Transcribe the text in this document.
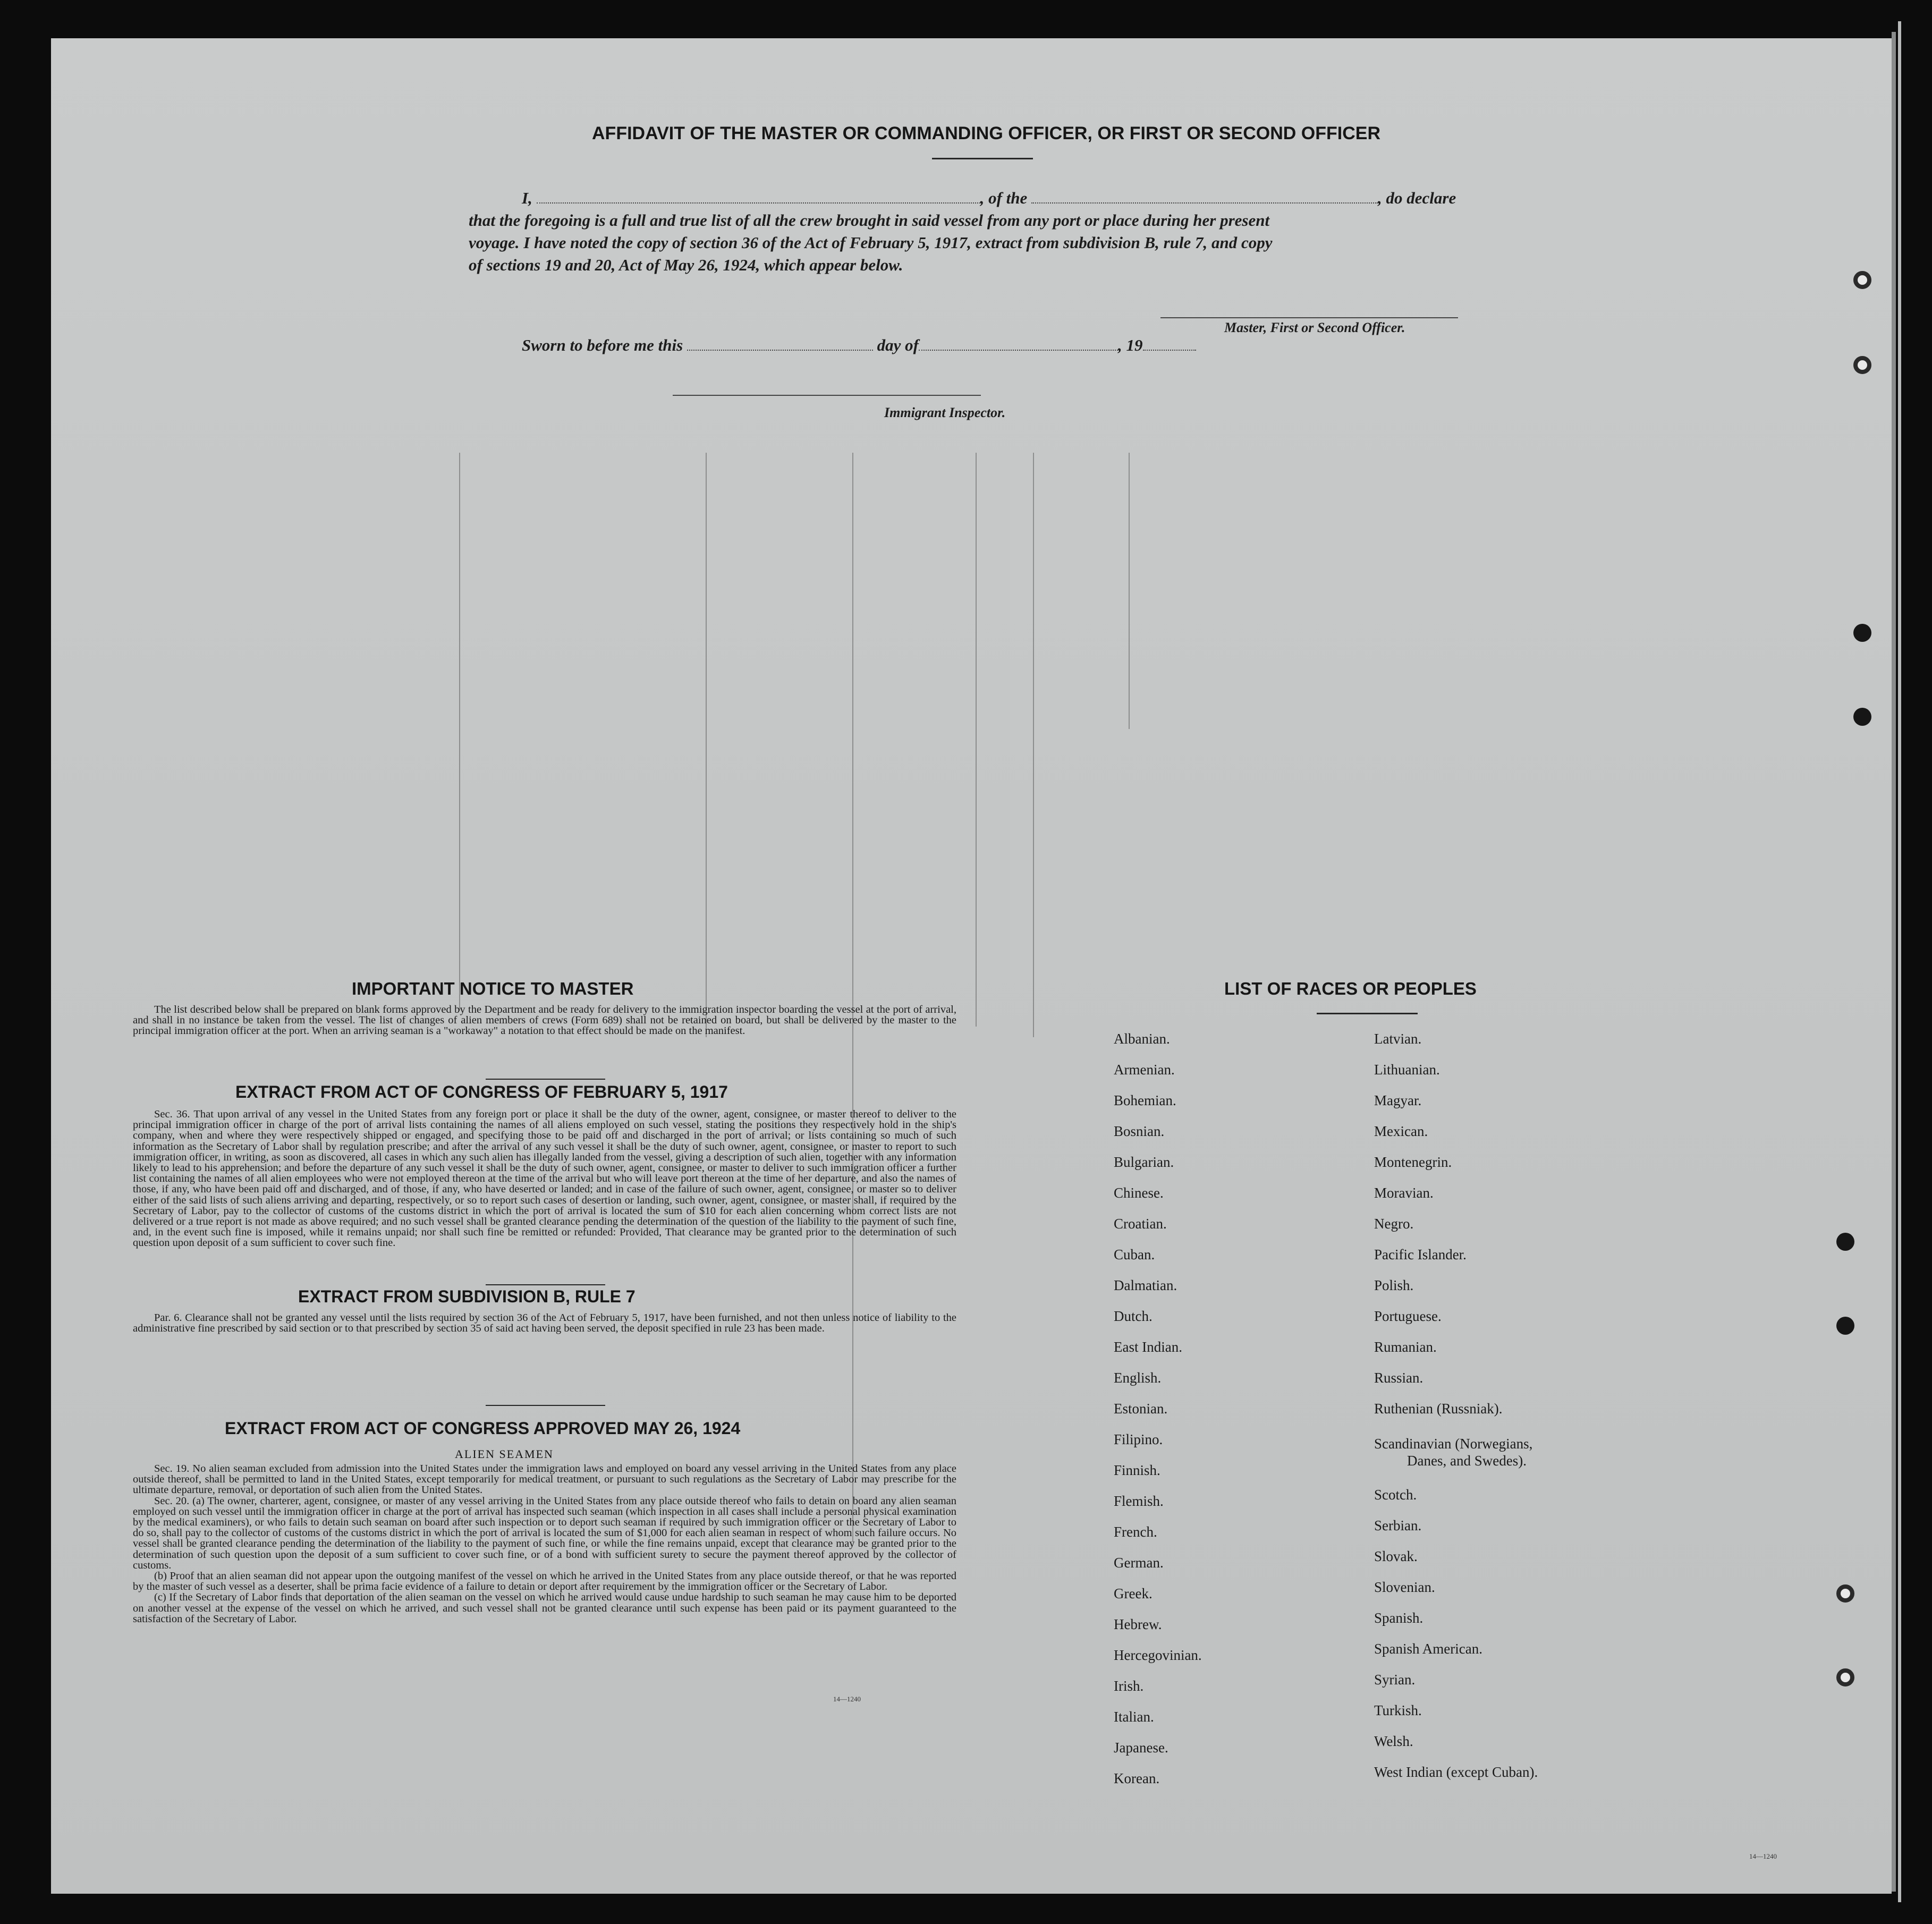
AFFIDAVIT OF THE MASTER OR COMMANDING OFFICER, OR FIRST OR SECOND OFFICER
I,	, of the	, do declare
that the foregoing is a full and true list of all the crew brought in said vessel from any port or place during her present
voyage. I have noted the copy of section 36 of the Act of February 5, 1917, extract from subdivision B, rule 7, and copy
of sections 19 and 20, Act of May 26, 1924, which appear below.
Master, First or Second Officer.
Sworn to before me this	day of	, 19
Immigrant Inspector.
IMPORTANT NOTICE TO MASTER

The list described below shall be prepared on blank forms approved by the Department and be ready for delivery to the immigration inspector boarding the vessel at the port of arrival, and shall in no instance be taken from the vessel. The list of changes of alien members of crews (Form 689) shall not be retained on board, but shall be delivered by the master to the principal immigration officer at the port. When an arriving seaman is a "workaway" a notation to that effect should be made on the manifest.

EXTRACT FROM ACT OF CONGRESS OF FEBRUARY 5, 1917

Sec. 36. That upon arrival of any vessel in the United States from any foreign port or place it shall be the duty of the owner, agent, consignee, or master thereof to deliver to the principal immigration officer in charge of the port of arrival lists containing the names of all aliens employed on such vessel, stating the positions they respectively hold in the ship's company, when and where they were respectively shipped or engaged, and specifying those to be paid off and discharged in the port of arrival; or lists containing so much of such information as the Secretary of Labor shall by regulation prescribe; and after the arrival of any such vessel it shall be the duty of such owner, agent, consignee, or master to report to such immigration officer, in writing, as soon as discovered, all cases in which any such alien has illegally landed from the vessel, giving a description of such alien, together with any information likely to lead to his apprehension; and before the departure of any such vessel it shall be the duty of such owner, agent, consignee, or master to deliver to such immigration officer a further list containing the names of all alien employees who were not employed thereon at the time of the arrival but who will leave port thereon at the time of her departure, and also the names of those, if any, who have been paid off and discharged, and of those, if any, who have deserted or landed; and in case of the failure of such owner, agent, consignee, or master so to deliver either of the said lists of such aliens arriving and departing, respectively, or so to report such cases of desertion or landing, such owner, agent, consignee, or master shall, if required by the Secretary of Labor, pay to the collector of customs of the customs district in which the port of arrival is located the sum of $10 for each alien concerning whom correct lists are not delivered or a true report is not made as above required; and no such vessel shall be granted clearance pending the determination of the question of the liability to the payment of such fine, and, in the event such fine is imposed, while it remains unpaid; nor shall such fine be remitted or refunded: Provided, That clearance may be granted prior to the determination of such question upon deposit of a sum sufficient to cover such fine.

EXTRACT FROM SUBDIVISION B, RULE 7

Par. 6. Clearance shall not be granted any vessel until the lists required by section 36 of the Act of February 5, 1917, have been furnished, and not then unless notice of liability to the administrative fine prescribed by said section or to that prescribed by section 35 of said act having been served, the deposit specified in rule 23 has been made.

EXTRACT FROM ACT OF CONGRESS APPROVED MAY 26, 1924
ALIEN SEAMEN

Sec. 19. No alien seaman excluded from admission into the United States under the immigration laws and employed on board any vessel arriving in the United States from any place outside thereof, shall be permitted to land in the United States, except temporarily for medical treatment, or pursuant to such regulations as the Secretary of Labor may prescribe for the ultimate departure, removal, or deportation of such alien from the United States.

Sec. 20. (a) The owner, charterer, agent, consignee, or master of any vessel arriving in the United States from any place outside thereof who fails to detain on board any alien seaman employed on such vessel until the immigration officer in charge at the port of arrival has inspected such seaman (which inspection in all cases shall include a personal physical examination by the medical examiners), or who fails to detain such seaman on board after such inspection or to deport such seaman if required by such immigration officer or the Secretary of Labor to do so, shall pay to the collector of customs of the customs district in which the port of arrival is located the sum of $1,000 for each alien seaman in respect of whom such failure occurs. No vessel shall be granted clearance pending the determination of the liability to the payment of such fine, or while the fine remains unpaid, except that clearance may be granted prior to the determination of such question upon the deposit of a sum sufficient to cover such fine, or of a bond with sufficient surety to secure the payment thereof approved by the collector of customs.

(b) Proof that an alien seaman did not appear upon the outgoing manifest of the vessel on which he arrived in the United States from any place outside thereof, or that he was reported by the master of such vessel as a deserter, shall be prima facie evidence of a failure to detain or deport after requirement by the immigration officer or the Secretary of Labor.

(c) If the Secretary of Labor finds that deportation of the alien seaman on the vessel on which he arrived would cause undue hardship to such seaman he may cause him to be deported on another vessel at the expense of the vessel on which he arrived, and such vessel shall not be granted clearance until such expense has been paid or its payment guaranteed to the satisfaction of the Secretary of Labor.

14—1240
LIST OF RACES OR PEOPLES
Albanian.
Armenian.
Bohemian.
Bosnian.
Bulgarian.
Chinese.
Croatian.
Cuban.
Dalmatian.
Dutch.
East Indian.
English.
Estonian.
Filipino.
Finnish.
Flemish.
French.
German.
Greek.
Hebrew.
Hercegovinian.
Irish.
Italian.
Japanese.
Korean.
Latvian.
Lithuanian.
Magyar.
Mexican.
Montenegrin.
Moravian.
Negro.
Pacific Islander.
Polish.
Portuguese.
Rumanian.
Russian.
Ruthenian (Russniak).
Scandinavian (Norwegians,
Danes, and Swedes).
Scotch.
Serbian.
Slovak.
Slovenian.
Spanish.
Spanish American.
Syrian.
Turkish.
Welsh.
West Indian (except Cuban).
14—1240
